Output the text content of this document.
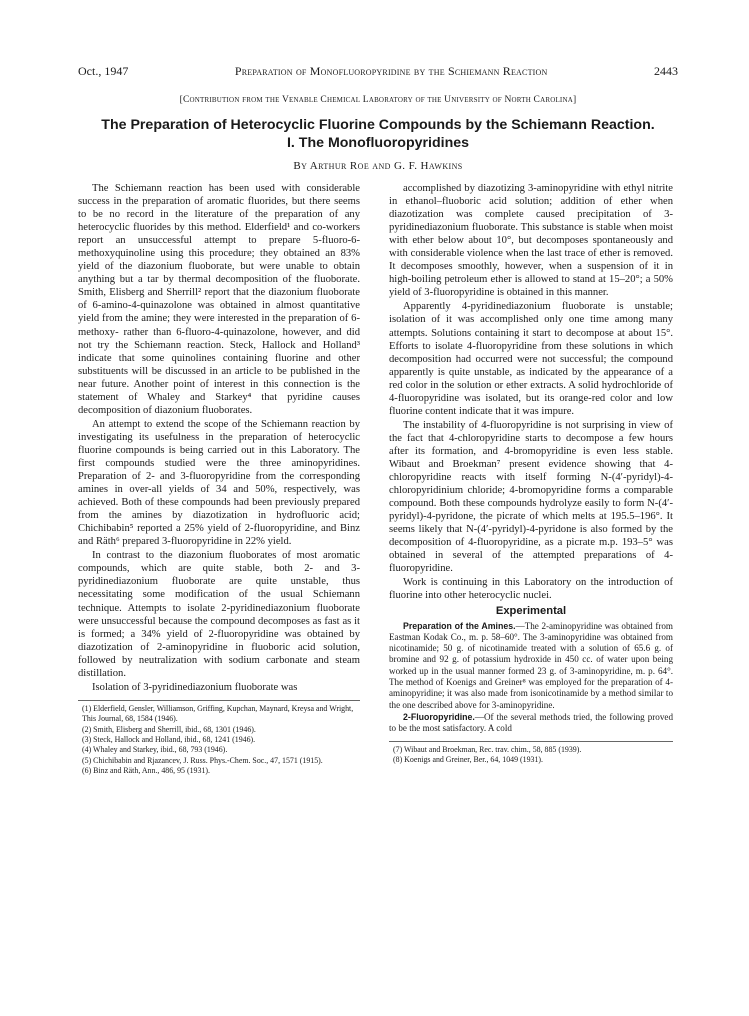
Oct., 1947	Preparation of Monofluoropyridine by the Schiemann Reaction	2443
[Contribution from the Venable Chemical Laboratory of the University of North Carolina]
The Preparation of Heterocyclic Fluorine Compounds by the Schiemann Reaction.
I. The Monofluoropyridines
By Arthur Roe and G. F. Hawkins

The Schiemann reaction has been used with considerable success in the preparation of aromatic fluorides, but there seems to be no record in the literature of the preparation of any heterocyclic fluorides by this method. Elderfield¹ and co-workers report an unsuccessful attempt to prepare 5-fluoro-6-methoxyquinoline using this procedure; they obtained an 83% yield of the diazonium fluoborate, but were unable to obtain anything but a tar by thermal decomposition of the fluoborate. Smith, Elisberg and Sherrill² report that the diazonium fluoborate of 6-amino-4-quinazolone was obtained in almost quantitative yield from the amine; they were interested in the preparation of 6-methoxy- rather than 6-fluoro-4-quinazolone, however, and did not try the Schiemann reaction. Steck, Hallock and Holland³ indicate that some quinolines containing fluorine and other substituents will be discussed in an article to be published in the near future. Another point of interest in this connection is the statement of Whaley and Starkey⁴ that pyridine causes decomposition of diazonium fluoborates.

An attempt to extend the scope of the Schiemann reaction by investigating its usefulness in the preparation of heterocyclic fluorine compounds is being carried out in this Laboratory. The first compounds studied were the three aminopyridines. Preparation of 2- and 3-fluoropyridine from the corresponding amines in over-all yields of 34 and 50%, respectively, was achieved. Both of these compounds had been previously prepared from the amines by diazotization in hydrofluoric acid; Chichibabin⁵ reported a 25% yield of 2-fluoropyridine, and Binz and Räth⁶ prepared 3-fluoropyridine in 22% yield.

In contrast to the diazonium fluoborates of most aromatic compounds, which are quite stable, both 2- and 3-pyridinediazonium fluoborate are quite unstable, thus necessitating some modification of the usual Schiemann technique. Attempts to isolate 2-pyridinediazonium fluoborate were unsuccessful because the compound decomposes as fast as it is formed; a 34% yield of 2-fluoropyridine was obtained by diazotization of 2-aminopyridine in fluoboric acid solution, followed by neutralization with sodium carbonate and steam distillation.

Isolation of 3-pyridinediazonium fluoborate was

(1) Elderfield, Gensler, Williamson, Griffing, Kupchan, Maynard, Kreysa and Wright, This Journal, 68, 1584 (1946).
(2) Smith, Elisberg and Sherrill, ibid., 68, 1301 (1946).
(3) Steck, Hallock and Holland, ibid., 68, 1241 (1946).
(4) Whaley and Starkey, ibid., 68, 793 (1946).
(5) Chichibabin and Rjazancev, J. Russ. Phys.-Chem. Soc., 47, 1571 (1915).
(6) Binz and Räth, Ann., 486, 95 (1931).

accomplished by diazotizing 3-aminopyridine with ethyl nitrite in ethanol–fluoboric acid solution; addition of ether when diazotization was complete caused precipitation of 3-pyridinediazonium fluoborate. This substance is stable when moist with ether below about 10°, but decomposes spontaneously and with considerable violence when the last trace of ether is removed. It decomposes smoothly, however, when a suspension of it in high-boiling petroleum ether is allowed to stand at 15–20°; a 50% yield of 3-fluoropyridine is obtained in this manner.

Apparently 4-pyridinediazonium fluoborate is unstable; isolation of it was accomplished only one time among many attempts. Solutions containing it start to decompose at about 15°. Efforts to isolate 4-fluoropyridine from these solutions in which decomposition had occurred were not successful; the compound apparently is quite unstable, as indicated by the appearance of a red color in the solution or ether extracts. A solid hydrochloride of 4-fluoropyridine was isolated, but its orange-red color and low fluorine content indicate that it was impure.

The instability of 4-fluoropyridine is not surprising in view of the fact that 4-chloropyridine starts to decompose a few hours after its formation, and 4-bromopyridine is even less stable. Wibaut and Broekman⁷ present evidence showing that 4-chloropyridine reacts with itself forming N-(4′-pyridyl)-4-chloropyridinium chloride; 4-bromopyridine forms a comparable compound. Both these compounds hydrolyze easily to form N-(4′-pyridyl)-4-pyridone, the picrate of which melts at 195.5–196°. It seems likely that N-(4′-pyridyl)-4-pyridone is also formed by the decomposition of 4-fluoropyridine, as a picrate m.p. 193–5° was obtained in several of the attempted preparations of 4-fluoropyridine.

Work is continuing in this Laboratory on the introduction of fluorine into other heterocyclic nuclei.

Experimental

Preparation of the Amines.—The 2-aminopyridine was obtained from Eastman Kodak Co., m. p. 58–60°. The 3-aminopyridine was obtained from nicotinamide; 50 g. of nicotinamide treated with a solution of 65.6 g. of bromine and 92 g. of potassium hydroxide in 450 cc. of water upon being worked up in the usual manner formed 23 g. of 3-aminopyridine, m. p. 64°. The method of Koenigs and Greiner⁸ was employed for the preparation of 4-aminopyridine; it was also made from isonicotinamide by a method similar to the one described above for 3-aminopyridine.

2-Fluoropyridine.—Of the several methods tried, the following proved to be the most satisfactory. A cold

(7) Wibaut and Broekman, Rec. trav. chim., 58, 885 (1939).
(8) Koenigs and Greiner, Ber., 64, 1049 (1931).
